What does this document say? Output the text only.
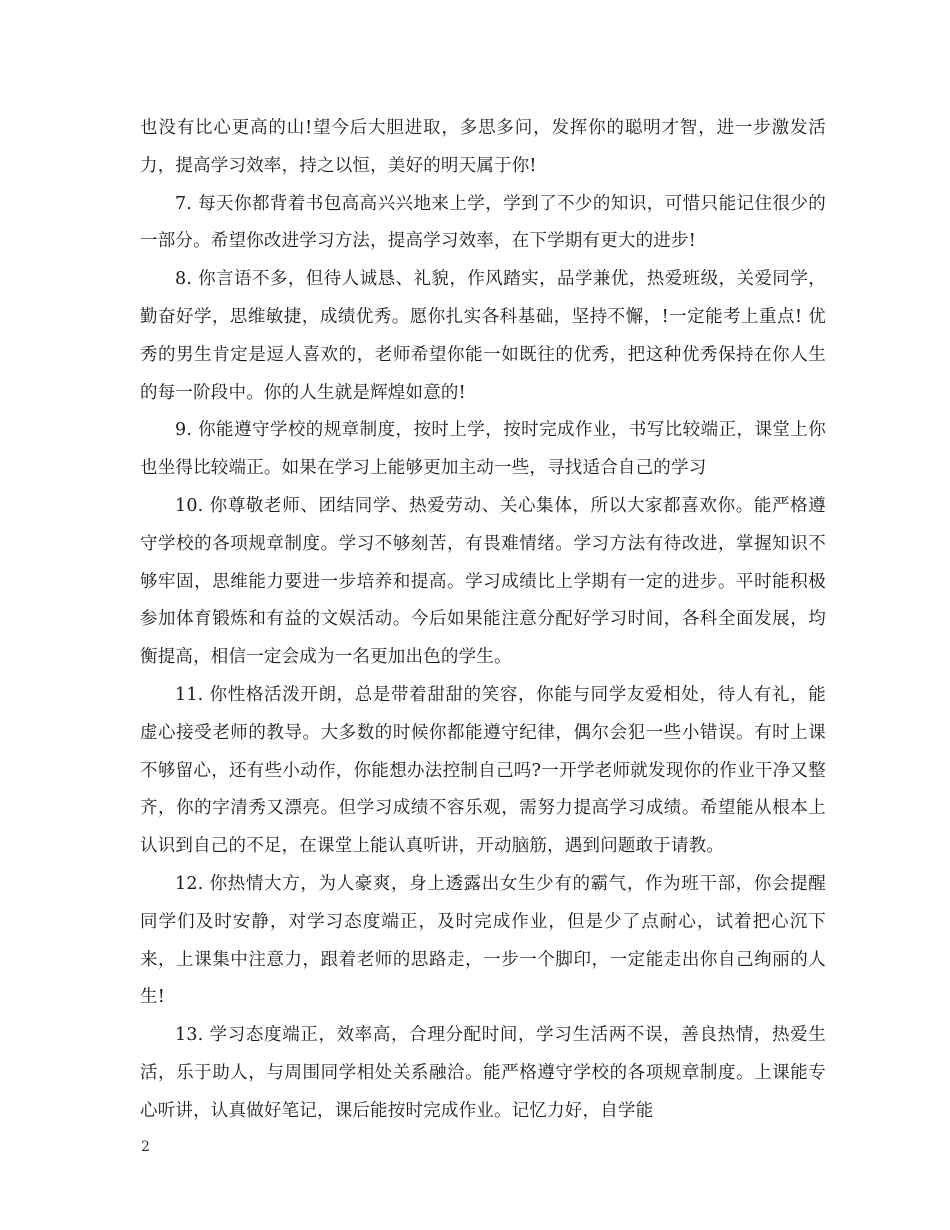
也没有比心更高的山!望今后大胆进取，多思多问，发挥你的聪明才智，进一步激发活力，提高学习效率，持之以恒，美好的明天属于你!

7. 每天你都背着书包高高兴兴地来上学，学到了不少的知识，可惜只能记住很少的一部分。希望你改进学习方法，提高学习效率，在下学期有更大的进步!

8. 你言语不多，但待人诚恳、礼貌，作风踏实，品学兼优，热爱班级，关爱同学，勤奋好学，思维敏捷，成绩优秀。愿你扎实各科基础，坚持不懈，!一定能考上重点! 优秀的男生肯定是逗人喜欢的，老师希望你能一如既往的优秀，把这种优秀保持在你人生的每一阶段中。你的人生就是辉煌如意的!

9. 你能遵守学校的规章制度，按时上学，按时完成作业，书写比较端正，课堂上你也坐得比较端正。如果在学习上能够更加主动一些，寻找适合自己的学习

10. 你尊敬老师、团结同学、热爱劳动、关心集体，所以大家都喜欢你。能严格遵守学校的各项规章制度。学习不够刻苦，有畏难情绪。学习方法有待改进，掌握知识不够牢固，思维能力要进一步培养和提高。学习成绩比上学期有一定的进步。平时能积极参加体育锻炼和有益的文娱活动。今后如果能注意分配好学习时间，各科全面发展，均衡提高，相信一定会成为一名更加出色的学生。

11. 你性格活泼开朗，总是带着甜甜的笑容，你能与同学友爱相处，待人有礼，能虚心接受老师的教导。大多数的时候你都能遵守纪律，偶尔会犯一些小错误。有时上课不够留心，还有些小动作，你能想办法控制自己吗?一开学老师就发现你的作业干净又整齐，你的字清秀又漂亮。但学习成绩不容乐观，需努力提高学习成绩。希望能从根本上认识到自己的不足，在课堂上能认真听讲，开动脑筋，遇到问题敢于请教。

12. 你热情大方，为人豪爽，身上透露出女生少有的霸气，作为班干部，你会提醒同学们及时安静，对学习态度端正，及时完成作业，但是少了点耐心，试着把心沉下来，上课集中注意力，跟着老师的思路走，一步一个脚印，一定能走出你自己绚丽的人生!

13. 学习态度端正，效率高，合理分配时间，学习生活两不误，善良热情，热爱生活，乐于助人，与周围同学相处关系融洽。能严格遵守学校的各项规章制度。上课能专心听讲，认真做好笔记，课后能按时完成作业。记忆力好，自学能

2
